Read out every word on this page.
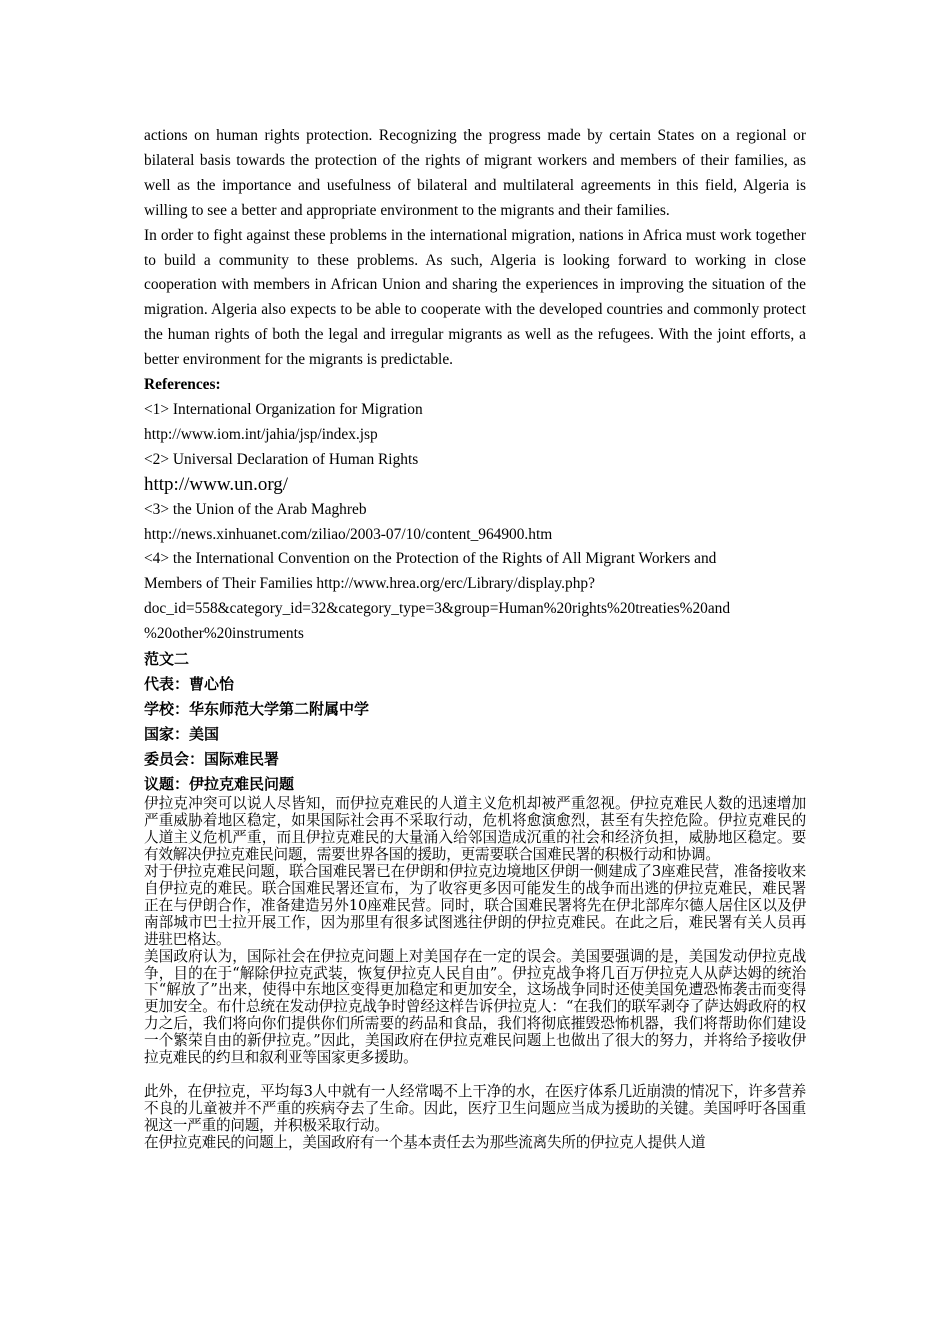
actions on human rights protection. Recognizing the progress made by certain States on a regional or bilateral basis towards the protection of the rights of migrant workers and members of their families, as well as the importance and usefulness of bilateral and multilateral agreements in this field, Algeria is willing to see a better and appropriate environment to the migrants and their families.

In order to fight against these problems in the international migration, nations in Africa must work together to build a community to these problems. As such, Algeria is looking forward to working in close cooperation with members in African Union and sharing the experiences in improving the situation of the migration. Algeria also expects to be able to cooperate with the developed countries and commonly protect the human rights of both the legal and irregular migrants as well as the refugees. With the joint efforts, a better environment for the migrants is predictable.

References:

<1> International Organization for Migration

http://www.iom.int/jahia/jsp/index.jsp

<2> Universal Declaration of Human Rights

http://www.un.org/

<3> the Union of the Arab Maghreb

http://news.xinhuanet.com/ziliao/2003-07/10/content_964900.htm

<4> the International Convention on the Protection of the Rights of All Migrant Workers and

Members of Their Families http://www.hrea.org/erc/Library/display.php?

doc_id=558&category_id=32&category_type=3&group=Human%20rights%20treaties%20and

%20other%20instruments

范文二

代表：曹心怡

学校：华东师范大学第二附属中学

国家：美国

委员会：国际难民署

议题：伊拉克难民问题

伊拉克冲突可以说人尽皆知，而伊拉克难民的人道主义危机却被严重忽视。伊拉克难民人数的迅速增加严重威胁着地区稳定，如果国际社会再不采取行动，危机将愈演愈烈，甚至有失控危险。伊拉克难民的人道主义危机严重，而且伊拉克难民的大量涌入给邻国造成沉重的社会和经济负担，威胁地区稳定。要有效解决伊拉克难民问题，需要世界各国的援助，更需要联合国难民署的积极行动和协调。

对于伊拉克难民问题，联合国难民署已在伊朗和伊拉克边境地区伊朗一侧建成了3座难民营，准备接收来自伊拉克的难民。联合国难民署还宣布，为了收容更多因可能发生的战争而出逃的伊拉克难民，难民署正在与伊朗合作，准备建造另外10座难民营。同时，联合国难民署将先在伊北部库尔德人居住区以及伊南部城市巴士拉开展工作，因为那里有很多试图逃往伊朗的伊拉克难民。在此之后，难民署有关人员再进驻巴格达。

美国政府认为，国际社会在伊拉克问题上对美国存在一定的误会。美国要强调的是，美国发动伊拉克战争，目的在于“解除伊拉克武装，恢复伊拉克人民自由”。伊拉克战争将几百万伊拉克人从萨达姆的统治下“解放了”出来，使得中东地区变得更加稳定和更加安全，这场战争同时还使美国免遭恐怖袭击而变得更加安全。布什总统在发动伊拉克战争时曾经这样告诉伊拉克人：“在我们的联军剥夺了萨达姆政府的权力之后，我们将向你们提供你们所需要的药品和食品，我们将彻底摧毁恐怖机器，我们将帮助你们建设一个繁荣自由的新伊拉克。”因此，美国政府在伊拉克难民问题上也做出了很大的努力，并将给予接收伊拉克难民的约旦和叙利亚等国家更多援助。

此外，在伊拉克，平均每3人中就有一人经常喝不上干净的水，在医疗体系几近崩溃的情况下，许多营养不良的儿童被并不严重的疾病夺去了生命。因此，医疗卫生问题应当成为援助的关键。美国呼吁各国重视这一严重的问题，并积极采取行动。

在伊拉克难民的问题上，美国政府有一个基本责任去为那些流离失所的伊拉克人提供人道
